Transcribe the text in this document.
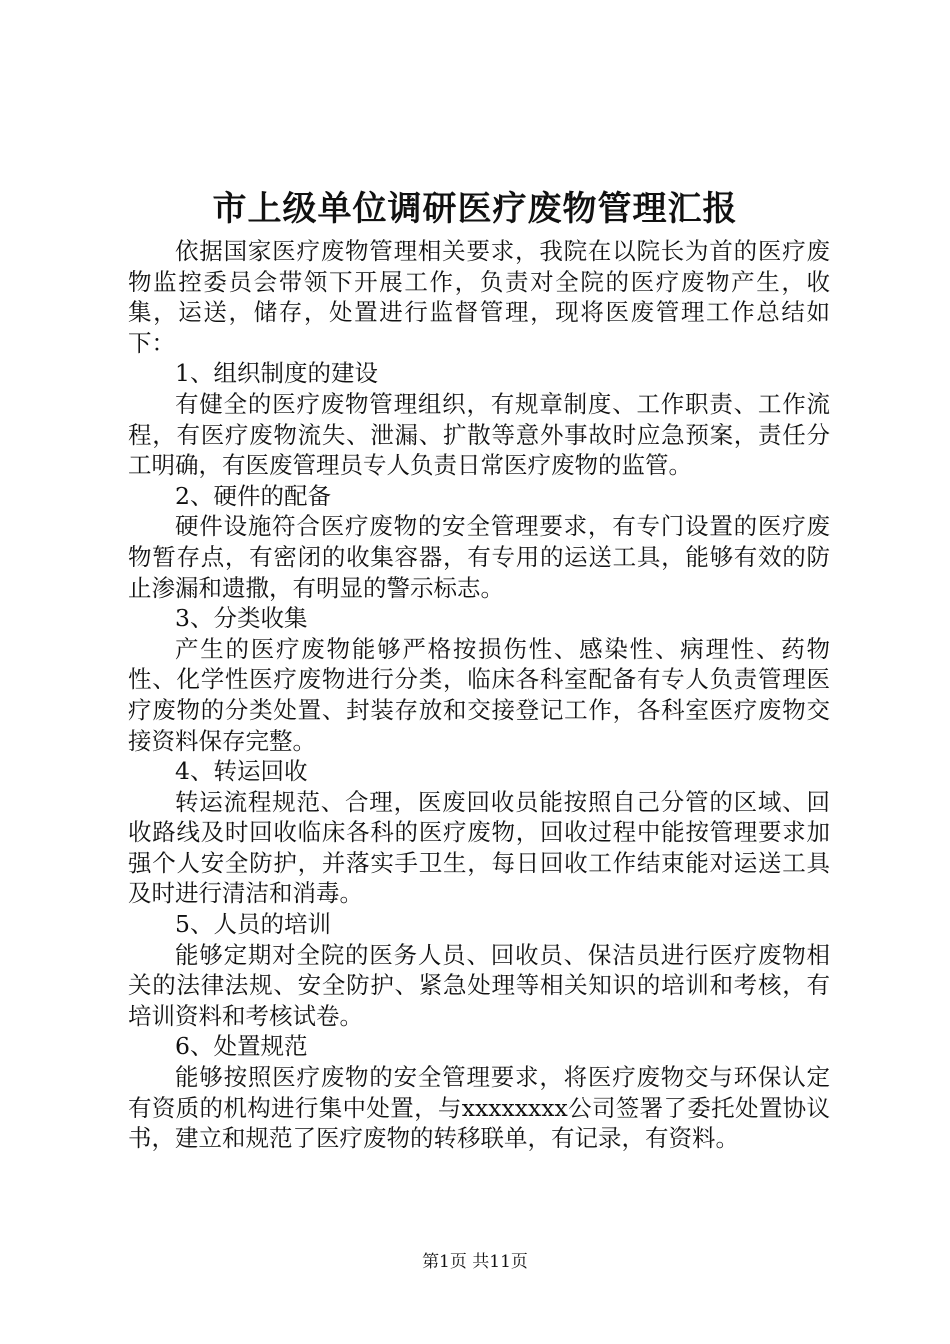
市上级单位调研医疗废物管理汇报

依据国家医疗废物管理相关要求，我院在以院长为首的医疗废物监控委员会带领下开展工作，负责对全院的医疗废物产生，收集，运送，储存，处置进行监督管理，现将医废管理工作总结如下：

1、组织制度的建设

有健全的医疗废物管理组织，有规章制度、工作职责、工作流程，有医疗废物流失、泄漏、扩散等意外事故时应急预案，责任分工明确，有医废管理员专人负责日常医疗废物的监管。

2、硬件的配备

硬件设施符合医疗废物的安全管理要求，有专门设置的医疗废物暂存点，有密闭的收集容器，有专用的运送工具，能够有效的防止渗漏和遗撒，有明显的警示标志。

3、分类收集

产生的医疗废物能够严格按损伤性、感染性、病理性、药物性、化学性医疗废物进行分类，临床各科室配备有专人负责管理医疗废物的分类处置、封装存放和交接登记工作，各科室医疗废物交接资料保存完整。

4、转运回收

转运流程规范、合理，医废回收员能按照自己分管的区域、回收路线及时回收临床各科的医疗废物，回收过程中能按管理要求加强个人安全防护，并落实手卫生，每日回收工作结束能对运送工具及时进行清洁和消毒。

5、人员的培训

能够定期对全院的医务人员、回收员、保洁员进行医疗废物相关的法律法规、安全防护、紧急处理等相关知识的培训和考核，有培训资料和考核试卷。

6、处置规范

能够按照医疗废物的安全管理要求，将医疗废物交与环保认定有资质的机构进行集中处置，与xxxxxxxx公司签署了委托处置协议书，建立和规范了医疗废物的转移联单，有记录，有资料。

第1页 共11页
